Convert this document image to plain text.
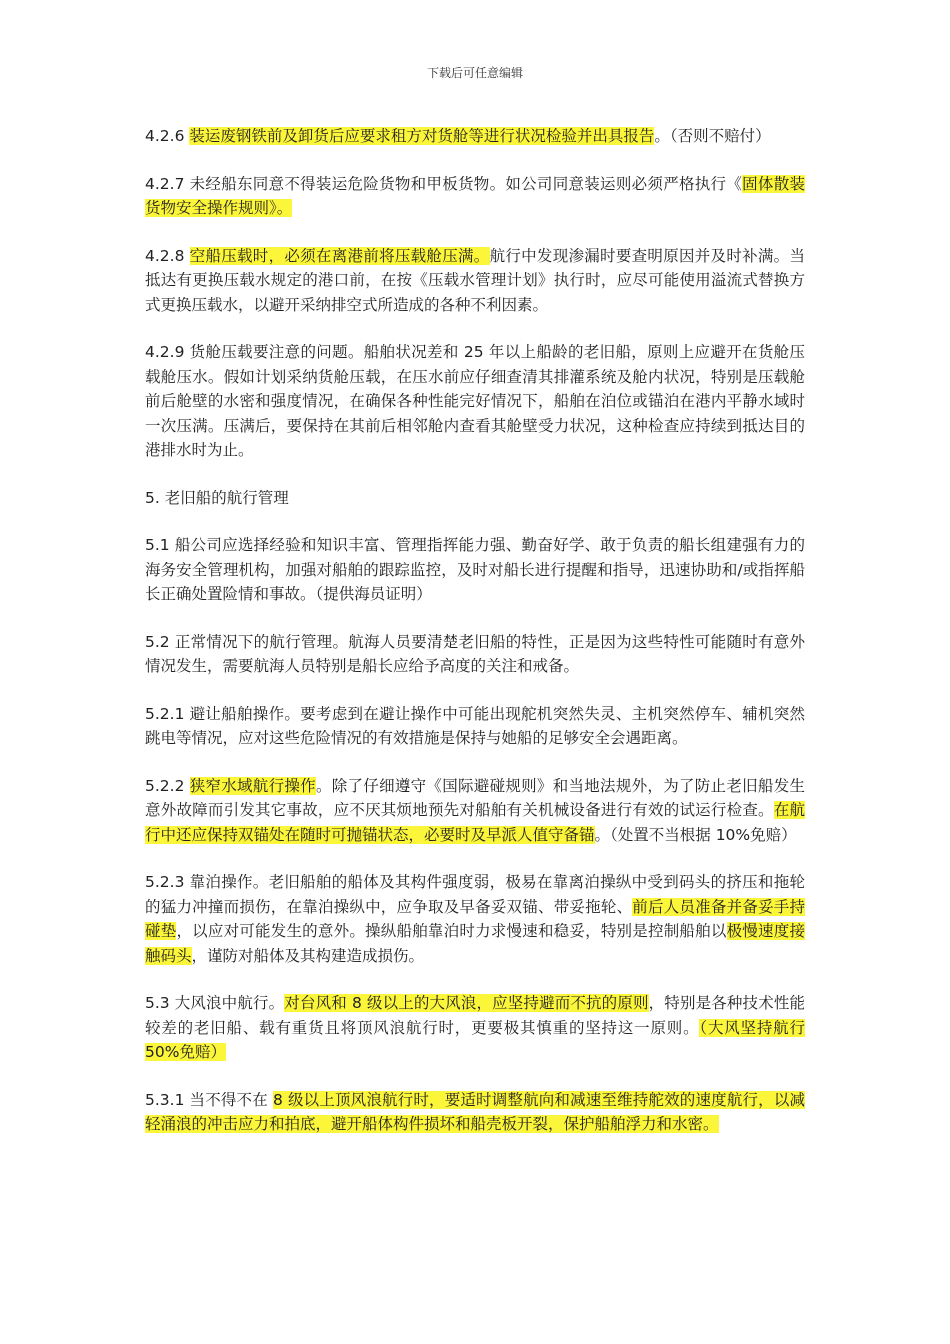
下载后可任意编辑

4.2.6 装运废钢铁前及卸货后应要求租方对货舱等进行状况检验并出具报告。（否则不赔付）

4.2.7 未经船东同意不得装运危险货物和甲板货物。如公司同意装运则必须严格执行《固体散装货物安全操作规则》。

4.2.8 空船压载时，必须在离港前将压载舱压满。航行中发现渗漏时要查明原因并及时补满。当抵达有更换压载水规定的港口前，在按《压载水管理计划》执行时，应尽可能使用溢流式替换方式更换压载水，以避开采纳排空式所造成的各种不利因素。

4.2.9 货舱压载要注意的问题。船舶状况差和 25 年以上船龄的老旧船，原则上应避开在货舱压载舱压水。假如计划采纳货舱压载，在压水前应仔细查清其排灌系统及舱内状况，特别是压载舱前后舱壁的水密和强度情况，在确保各种性能完好情况下，船舶在泊位或锚泊在港内平静水域时一次压满。压满后，要保持在其前后相邻舱内查看其舱壁受力状况，这种检查应持续到抵达目的港排水时为止。

5. 老旧船的航行管理

5.1 船公司应选择经验和知识丰富、管理指挥能力强、勤奋好学、敢于负责的船长组建强有力的海务安全管理机构，加强对船舶的跟踪监控，及时对船长进行提醒和指导，迅速协助和/或指挥船长正确处置险情和事故。（提供海员证明）

5.2 正常情况下的航行管理。航海人员要清楚老旧船的特性，正是因为这些特性可能随时有意外情况发生，需要航海人员特别是船长应给予高度的关注和戒备。

5.2.1 避让船舶操作。要考虑到在避让操作中可能出现舵机突然失灵、主机突然停车、辅机突然跳电等情况，应对这些危险情况的有效措施是保持与她船的足够安全会遇距离。

5.2.2 狭窄水域航行操作。除了仔细遵守《国际避碰规则》和当地法规外，为了防止老旧船发生意外故障而引发其它事故，应不厌其烦地预先对船舶有关机械设备进行有效的试运行检查。在航行中还应保持双锚处在随时可抛锚状态，必要时及早派人值守备锚。（处置不当根据 10%免赔）

5.2.3 靠泊操作。老旧船舶的船体及其构件强度弱，极易在靠离泊操纵中受到码头的挤压和拖轮的猛力冲撞而损伤，在靠泊操纵中，应争取及早备妥双锚、带妥拖轮、前后人员准备并备妥手持碰垫，以应对可能发生的意外。操纵船舶靠泊时力求慢速和稳妥，特别是控制船舶以极慢速度接触码头，谨防对船体及其构建造成损伤。

5.3 大风浪中航行。对台风和 8 级以上的大风浪，应坚持避而不抗的原则，特别是各种技术性能较差的老旧船、载有重货且将顶风浪航行时，更要极其慎重的坚持这一原则。（大风坚持航行 50%免赔）

5.3.1 当不得不在 8 级以上顶风浪航行时，要适时调整航向和减速至维持舵效的速度航行，以减轻涌浪的冲击应力和拍底，避开船体构件损坏和船壳板开裂，保护船舶浮力和水密。
